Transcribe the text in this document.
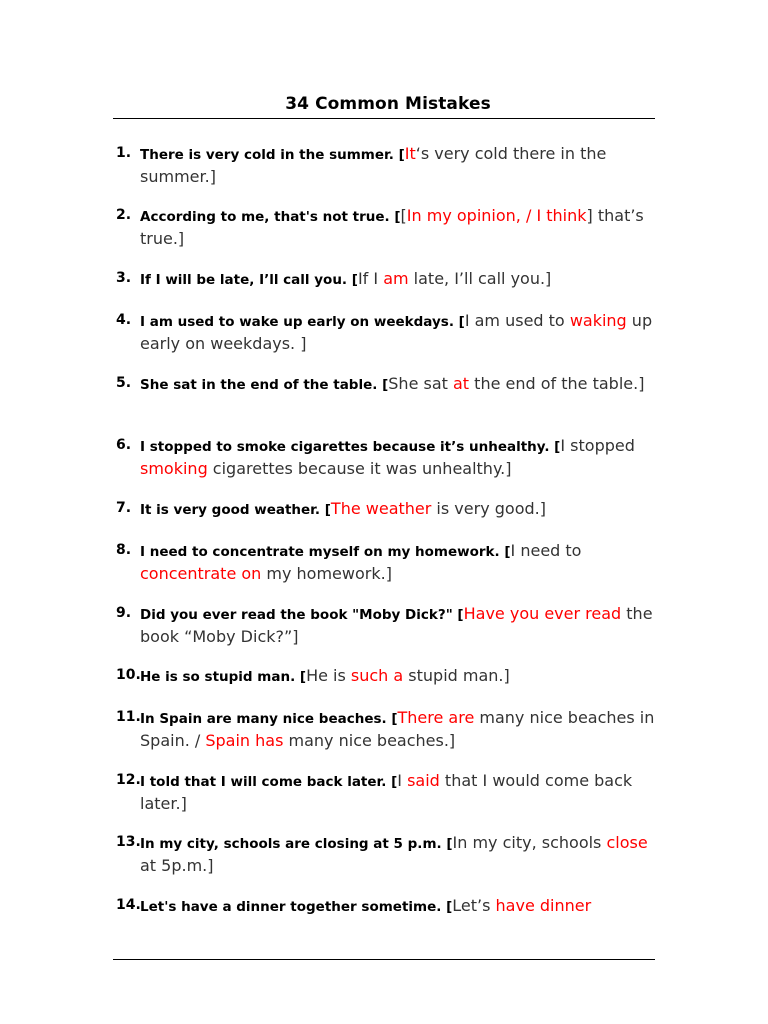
34 Common Mistakes
1. There is very cold in the summer. [It‘s very cold there in the summer.]
2. According to me, that's not true. [[In my opinion, / I think] that’s true.]
3. If I will be late, I’ll call you. [If I am late, I’ll call you.]
4. I am used to wake up early on weekdays. [I am used to waking up early on weekdays. ]
5. She sat in the end of the table. [She sat at the end of the table.]
6. I stopped to smoke cigarettes because it’s unhealthy. [I stopped smoking cigarettes because it was unhealthy.]
7. It is very good weather. [The weather is very good.]
8. I need to concentrate myself on my homework. [I need to concentrate on my homework.]
9. Did you ever read the book "Moby Dick?" [Have you ever read the book “Moby Dick?”]
10. He is so stupid man. [He is such a stupid man.]
11. In Spain are many nice beaches. [There are many nice beaches in Spain. / Spain has many nice beaches.]
12. I told that I will come back later. [I said that I would come back later.]
13. In my city, schools are closing at 5 p.m. [In my city, schools close at 5p.m.]
14. Let's have a dinner together sometime. [Let’s have dinner
